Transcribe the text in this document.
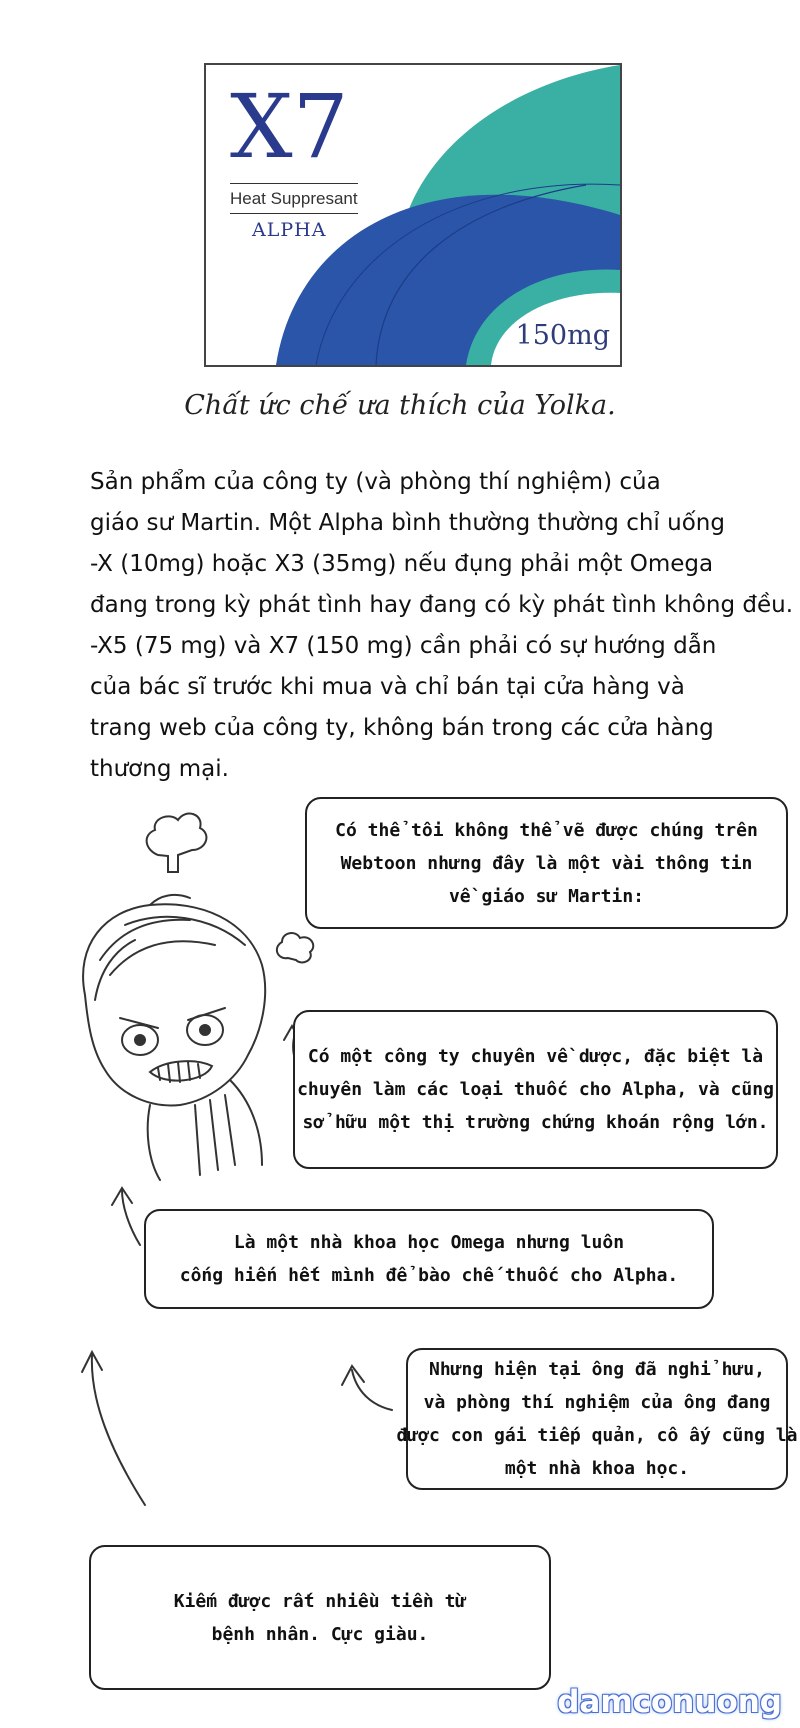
X7
Heat Suppresant
ALPHA
150mg
Chất ức chế ưa thích của Yolka.
Sản phẩm của công ty (và phòng thí nghiệm) của
giáo sư Martin. Một Alpha bình thường thường chỉ uống
-X (10mg) hoặc X3 (35mg) nếu đụng phải một Omega
đang trong kỳ phát tình hay đang có kỳ phát tình không đều.
-X5 (75 mg) và X7 (150 mg) cần phải có sự hướng dẫn
của bác sĩ trước khi mua và chỉ bán tại cửa hàng và
trang web của công ty, không bán trong các cửa hàng
thương mại.
Có thể tôi không thể vẽ được chúng trên
Webtoon nhưng đây là một vài thông tin
về giáo sư Martin:
Có một công ty chuyên về dược, đặc biệt là
chuyên làm các loại thuốc cho Alpha, và cũng
sở hữu một thị trường chứng khoán rộng lớn.
Là một nhà khoa học Omega nhưng luôn
cống hiến hết mình để bào chế thuốc cho Alpha.
Nhưng hiện tại ông đã nghỉ hưu,
và phòng thí nghiệm của ông đang
được con gái tiếp quản, cô ấy cũng là
một nhà khoa học.
Kiếm được rất nhiều tiền từ
bệnh nhân. Cực giàu.
damconuong
